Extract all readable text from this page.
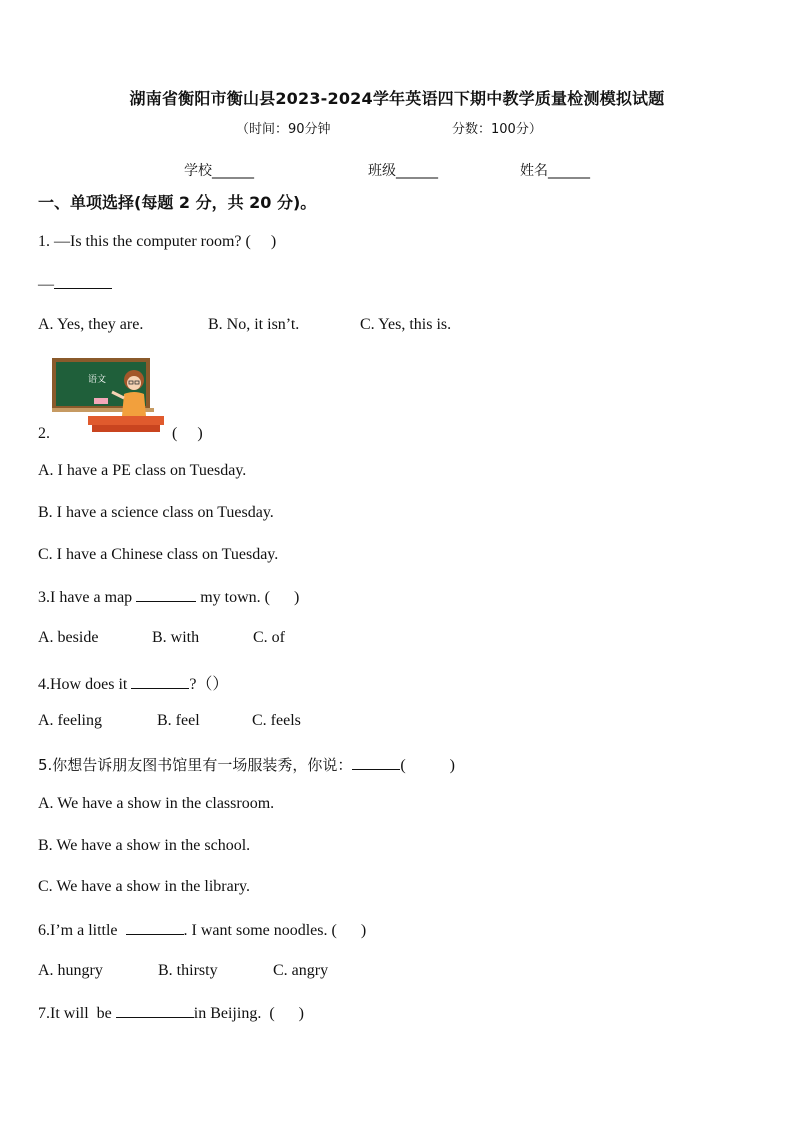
湖南省衡阳市衡山县2023-2024学年英语四下期中教学质量检测模拟试题
（时间：90分钟	分数：100分）
学校______	班级______	姓名______
一、单项选择(每题 2 分，共 20 分)。
1. —Is this the computer room? (     )
—
A. Yes, they are.	B. No, it isn’t.	C. Yes, this is.
语文
2.	(     )
A. I have a PE class on Tuesday.
B. I have a science class on Tuesday.
C. I have a Chinese class on Tuesday.
3.I have a map	my town. (      )
A. beside	B. with	C. of
4.How does it	?（）
A. feeling	B. feel	C. feels
5.你想告诉朋友图书馆里有一场服装秀，你说：	(           )
A. We have a show in the classroom.
B. We have a show in the school.
C. We have a show in the library.
6.I’m a little	. I want some noodles. (      )
A. hungry	B. thirsty	C. angry
7.It will  be	in Beijing.  (      )
